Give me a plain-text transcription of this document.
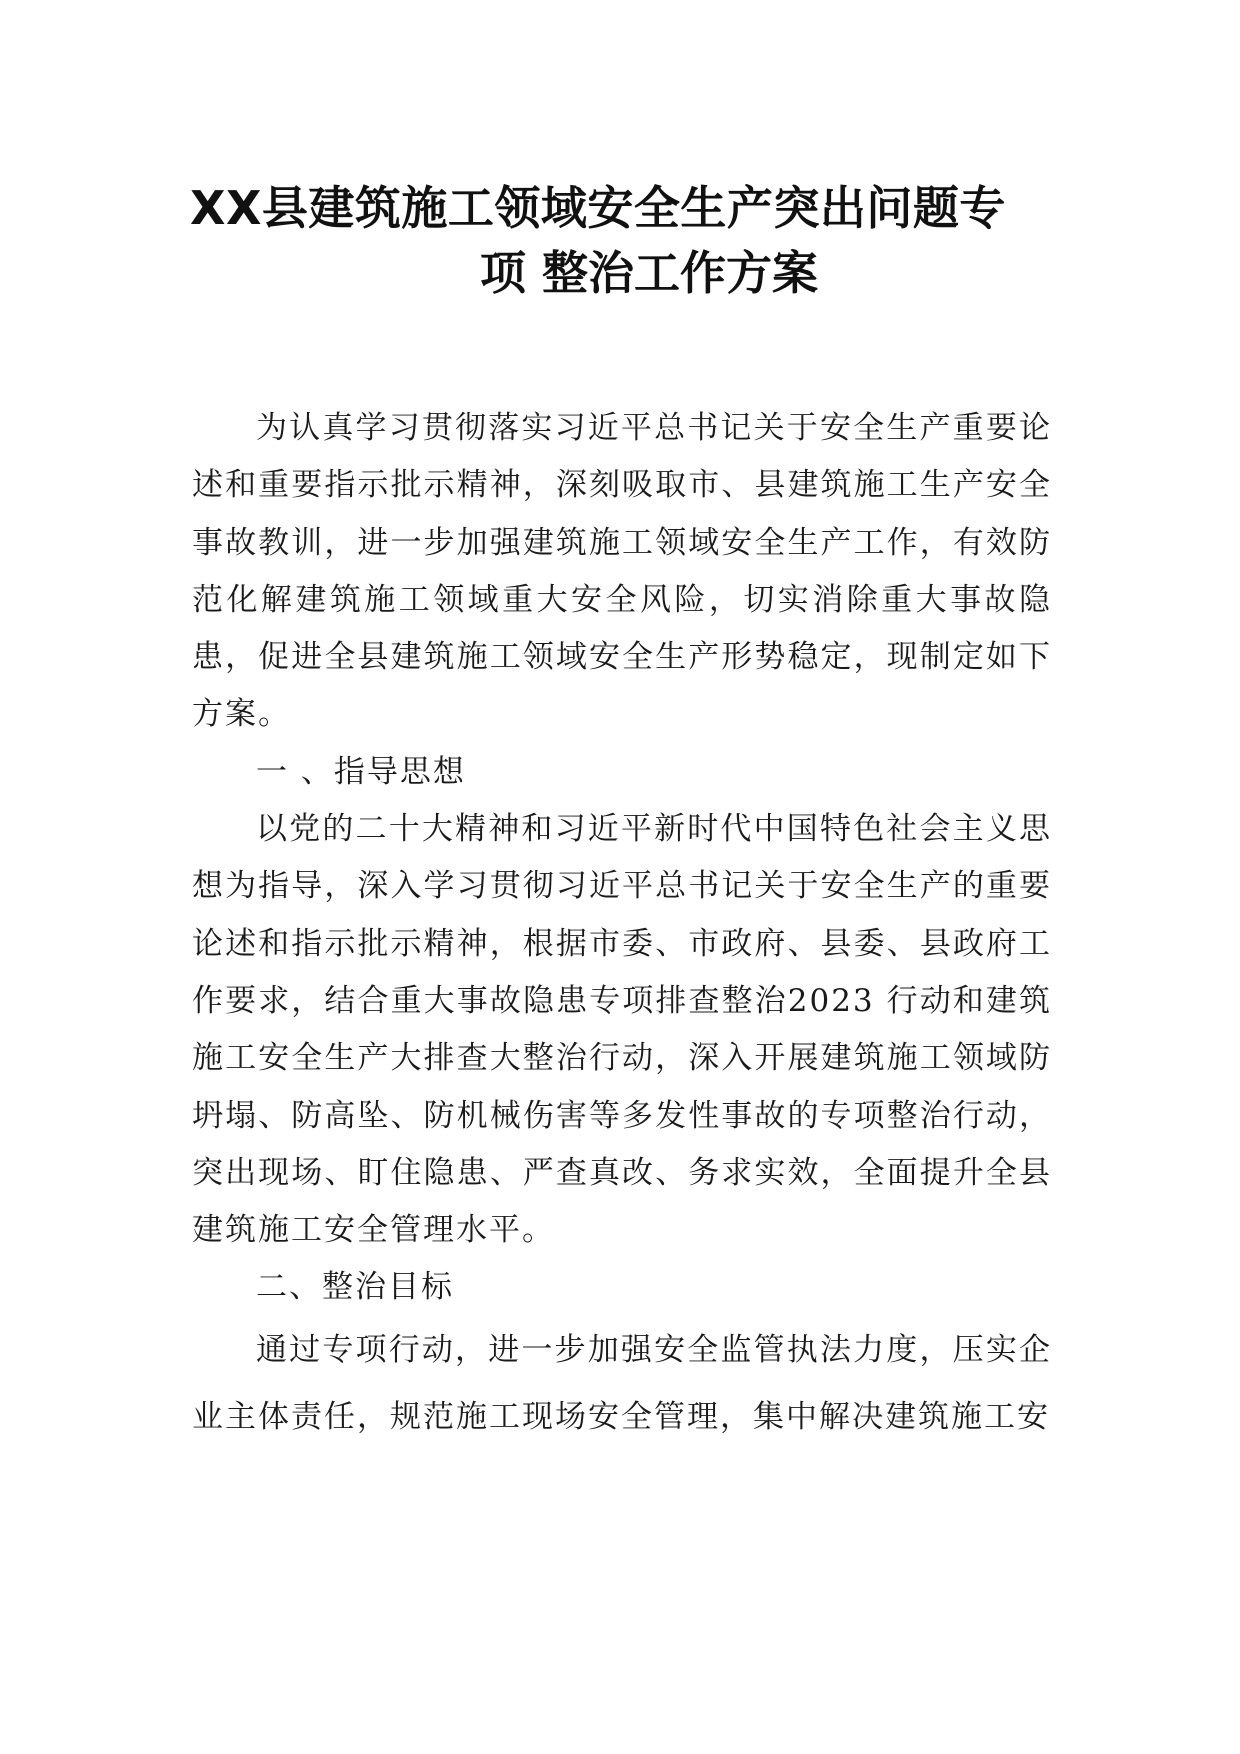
XX县建筑施工领域安全生产突出问题专
项 整治工作方案

为认真学习贯彻落实习近平总书记关于安全生产重要论述和重要指示批示精神，深刻吸取市、县建筑施工生产安全事故教训，进一步加强建筑施工领域安全生产工作，有效防范化解建筑施工领域重大安全风险，切实消除重大事故隐患，促进全县建筑施工领域安全生产形势稳定，现制定如下方案。

一 、指导思想

以党的二十大精神和习近平新时代中国特色社会主义思想为指导，深入学习贯彻习近平总书记关于安全生产的重要论述和指示批示精神，根据市委、市政府、县委、县政府工作要求，结合重大事故隐患专项排查整治2023 行动和建筑施工安全生产大排查大整治行动，深入开展建筑施工领域防坍塌、防高坠、防机械伤害等多发性事故的专项整治行动，突出现场、盯住隐患、严查真改、务求实效，全面提升全县建筑施工安全管理水平。

二、整治目标

通过专项行动，进一步加强安全监管执法力度，压实企业主体责任，规范施工现场安全管理，集中解决建筑施工安
